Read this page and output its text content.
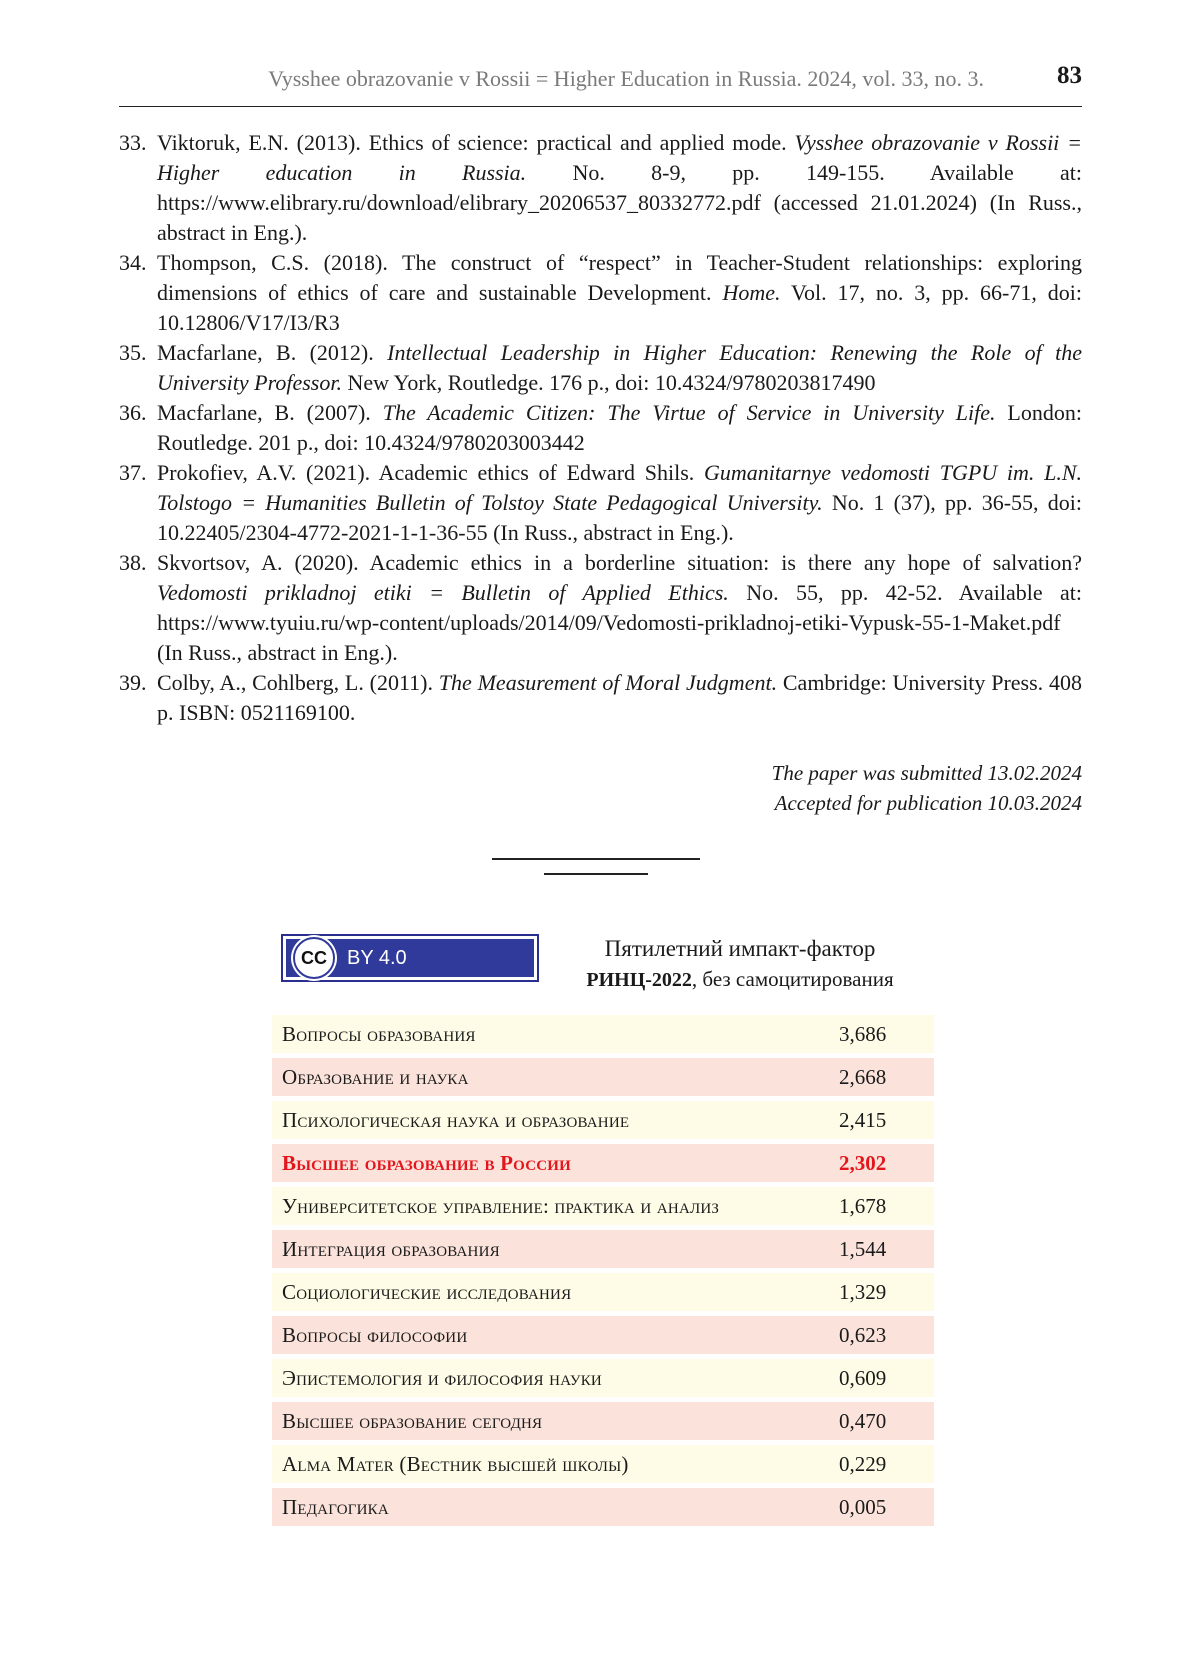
Vysshee obrazovanie v Rossii = Higher Education in Russia. 2024, vol. 33, no. 3.	83
33. Viktoruk, E.N. (2013). Ethics of science: practical and applied mode. Vysshee obrazovanie v Rossii = Higher education in Russia. No. 8-9, pp. 149-155. Available at: https://www.elibrary.ru/download/elibrary_20206537_80332772.pdf (accessed 21.01.2024) (In Russ., abstract in Eng.).
34. Thompson, C.S. (2018). The construct of “respect” in Teacher-Student relationships: exploring dimensions of ethics of care and sustainable Development. Home. Vol. 17, no. 3, pp. 66-71, doi: 10.12806/V17/I3/R3
35. Macfarlane, B. (2012). Intellectual Leadership in Higher Education: Renewing the Role of the University Professor. New York, Routledge. 176 p., doi: 10.4324/9780203817490
36. Macfarlane, B. (2007). The Academic Citizen: The Virtue of Service in University Life. London: Routledge. 201 p., doi: 10.4324/9780203003442
37. Prokofiev, A.V. (2021). Academic ethics of Edward Shils. Gumanitarnye vedomosti TGPU im. L.N. Tolstogo = Humanities Bulletin of Tolstoy State Pedagogical University. No. 1 (37), pp. 36-55, doi: 10.22405/2304-4772-2021-1-1-36-55 (In Russ., abstract in Eng.).
38. Skvortsov, A. (2020). Academic ethics in a borderline situation: is there any hope of salvation? Vedomosti prikladnoj etiki = Bulletin of Applied Ethics. No. 55, pp. 42-52. Available at: https://www.tyuiu.ru/wp-content/uploads/2014/09/Vedomosti-prikladnoj-etiki-Vypusk-55-1-Maket.pdf (In Russ., abstract in Eng.).
39. Colby, A., Cohlberg, L. (2011). The Measurement of Moral Judgment. Cambridge: University Press. 408 p. ISBN: 0521169100.
The paper was submitted 13.02.2024
Accepted for publication 10.03.2024
CC	BY 4.0	Пятилетний импакт-фактор
РИНЦ-2022, без самоцитирования
Вопросы образования	3,686
Образование и наука	2,668
Психологическая наука и образование	2,415
Высшее образование в России	2,302
Университетское управление: практика и анализ	1,678
Интеграция образования	1,544
Социологические исследования	1,329
Вопросы философии	0,623
Эпистемология и философия науки	0,609
Высшее образование сегодня	0,470
Alma Mater (Вестник высшей школы)	0,229
Педагогика	0,005
